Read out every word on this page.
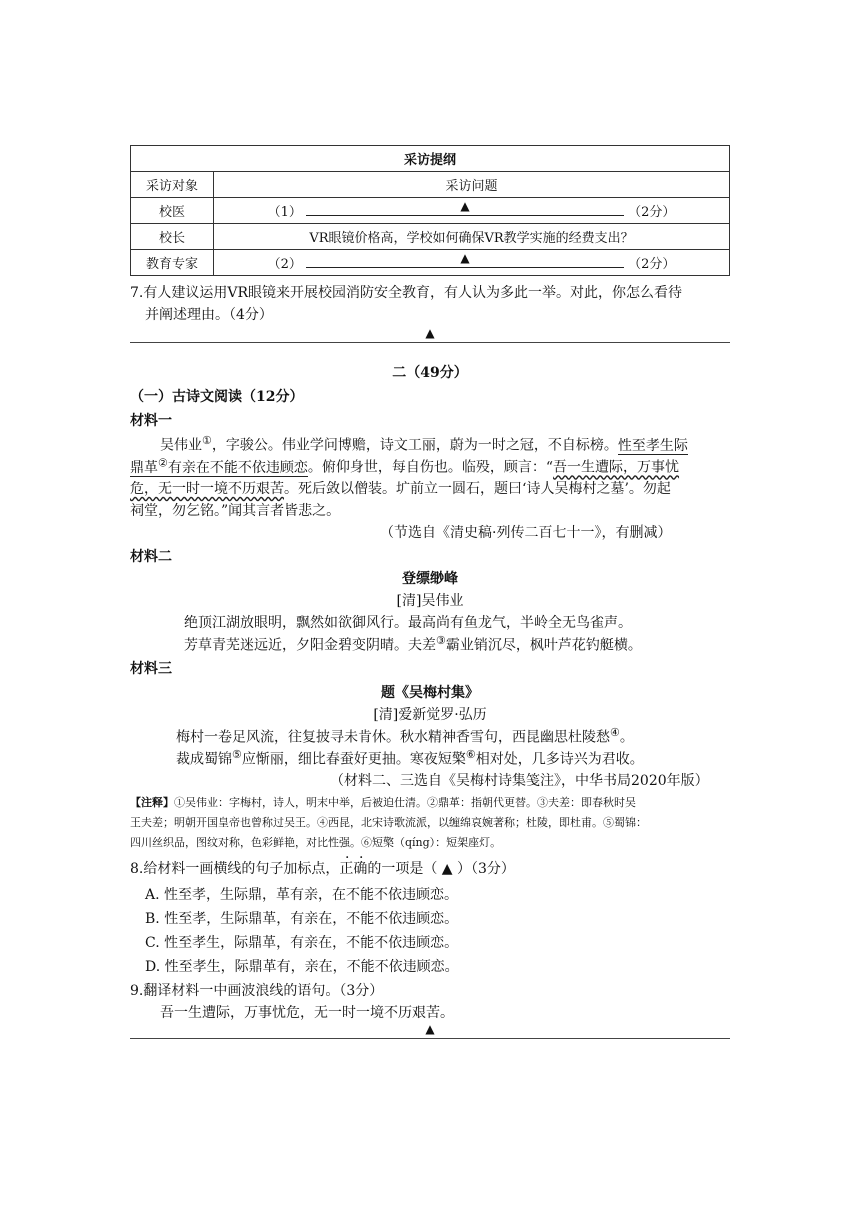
采访提纲	
采访对象	采访问题
校医	（1） ▲ （2分）
校长	VR眼镜价格高，学校如何确保VR教学实施的经费支出？
教育专家	（2） ▲ （2分）
7.有人建议运用VR眼镜来开展校园消防安全教育，有人认为多此一举。对此，你怎么看待
并阐述理由。（4分）
▲
二（49分）
（一）古诗文阅读（12分）
材料一
吴伟业①，字骏公。伟业学问博赡，诗文工丽，蔚为一时之冠，不自标榜。性至孝生际
鼎革②有亲在不能不依违顾恋。俯仰身世，每自伤也。临殁，顾言：“吾一生遭际，万事忧
危，无一时一境不历艰苦。死后敛以僧装。圹前立一圆石，题曰‘诗人吴梅村之墓’。勿起
祠堂，勿乞铭。”闻其言者皆悲之。
（节选自《清史稿·列传二百七十一》，有删减）
材料二
登缥缈峰
[清]吴伟业
绝顶江湖放眼明，飘然如欲御风行。最高尚有鱼龙气，半岭全无鸟雀声。
芳草青芜迷远近，夕阳金碧变阴晴。夫差③霸业销沉尽，枫叶芦花钓艇横。
材料三
题《吴梅村集》
[清]爱新觉罗·弘历
梅村一卷足风流，往复披寻未肯休。秋水精神香雪句，西昆幽思杜陵愁④。
裁成蜀锦⑤应惭丽，细比春蚕好更抽。寒夜短檠⑥相对处，几多诗兴为君收。
（材料二、三选自《吴梅村诗集笺注》，中华书局2020年版）
【注释】①吴伟业：字梅村，诗人，明末中举，后被迫仕清。②鼎革：指朝代更替。③夫差：即春秋时吴
王夫差；明朝开国皇帝也曾称过吴王。④西昆，北宋诗歌流派，以缠绵哀婉著称；杜陵，即杜甫。⑤蜀锦：
四川丝织品，图纹对称，色彩鲜艳，对比性强。⑥短檠（qíng）：短架座灯。
8.给材料一画横线的句子加标点，正确的一项是（ ▲ ）（3分）
A. 性至孝，生际鼎，革有亲，在不能不依违顾恋。
B. 性至孝，生际鼎革，有亲在，不能不依违顾恋。
C. 性至孝生，际鼎革，有亲在，不能不依违顾恋。
D. 性至孝生，际鼎革有，亲在，不能不依违顾恋。
9.翻译材料一中画波浪线的语句。（3分）
吾一生遭际，万事忧危，无一时一境不历艰苦。
▲
